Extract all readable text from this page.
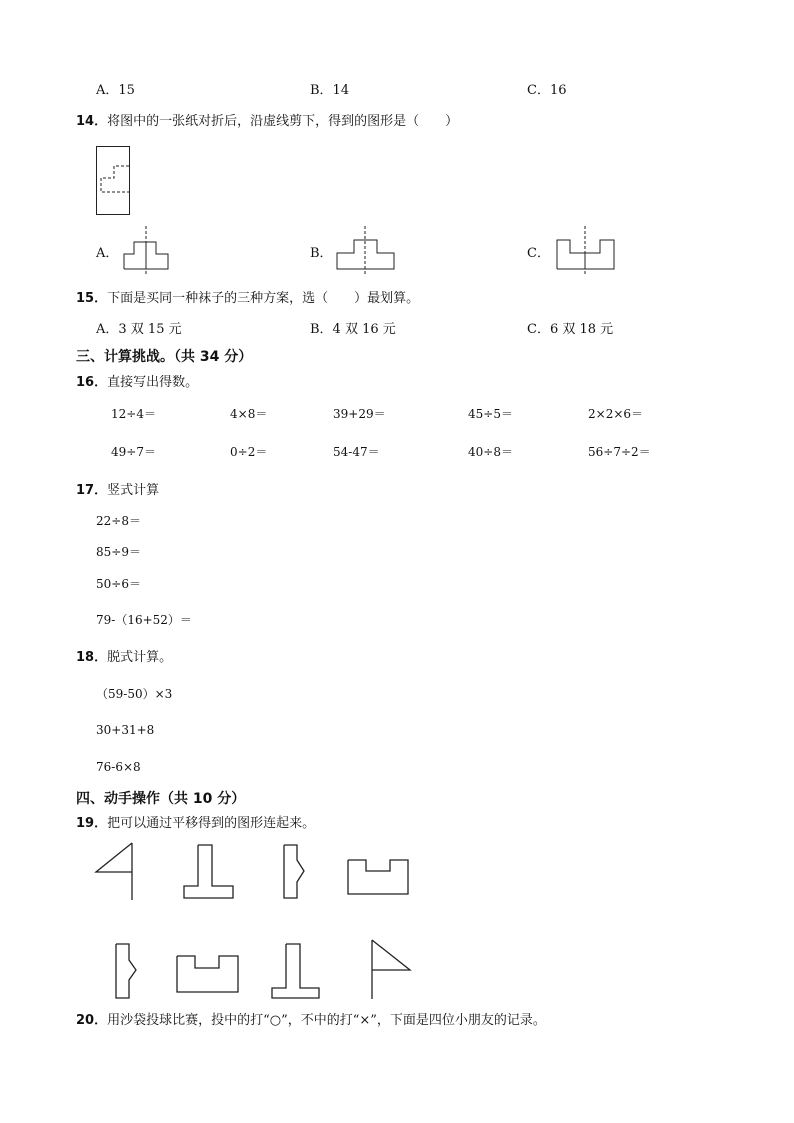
A．15	B．14	C．16
14．将图中的一张纸对折后，沿虚线剪下，得到的图形是（　　）
A．	B．	C．
15．下面是买同一种袜子的三种方案，选（　　）最划算。
A．3 双 15 元	B．4 双 16 元	C．6 双 18 元
三、计算挑战。（共 34 分）
16．直接写出得数。
12÷4＝	4×8＝	39+29＝	45÷5＝	2×2×6＝
49÷7＝	0÷2＝	54-47＝	40÷8＝	56÷7÷2＝
17．竖式计算
22÷8＝
85÷9＝
50÷6＝
79-（16+52）＝
18．脱式计算。
（59-50）×3
30+31+8
76-6×8
四、动手操作（共 10 分）
19．把可以通过平移得到的图形连起来。
20．用沙袋投球比赛，投中的打“○”，不中的打“×”，下面是四位小朋友的记录。
